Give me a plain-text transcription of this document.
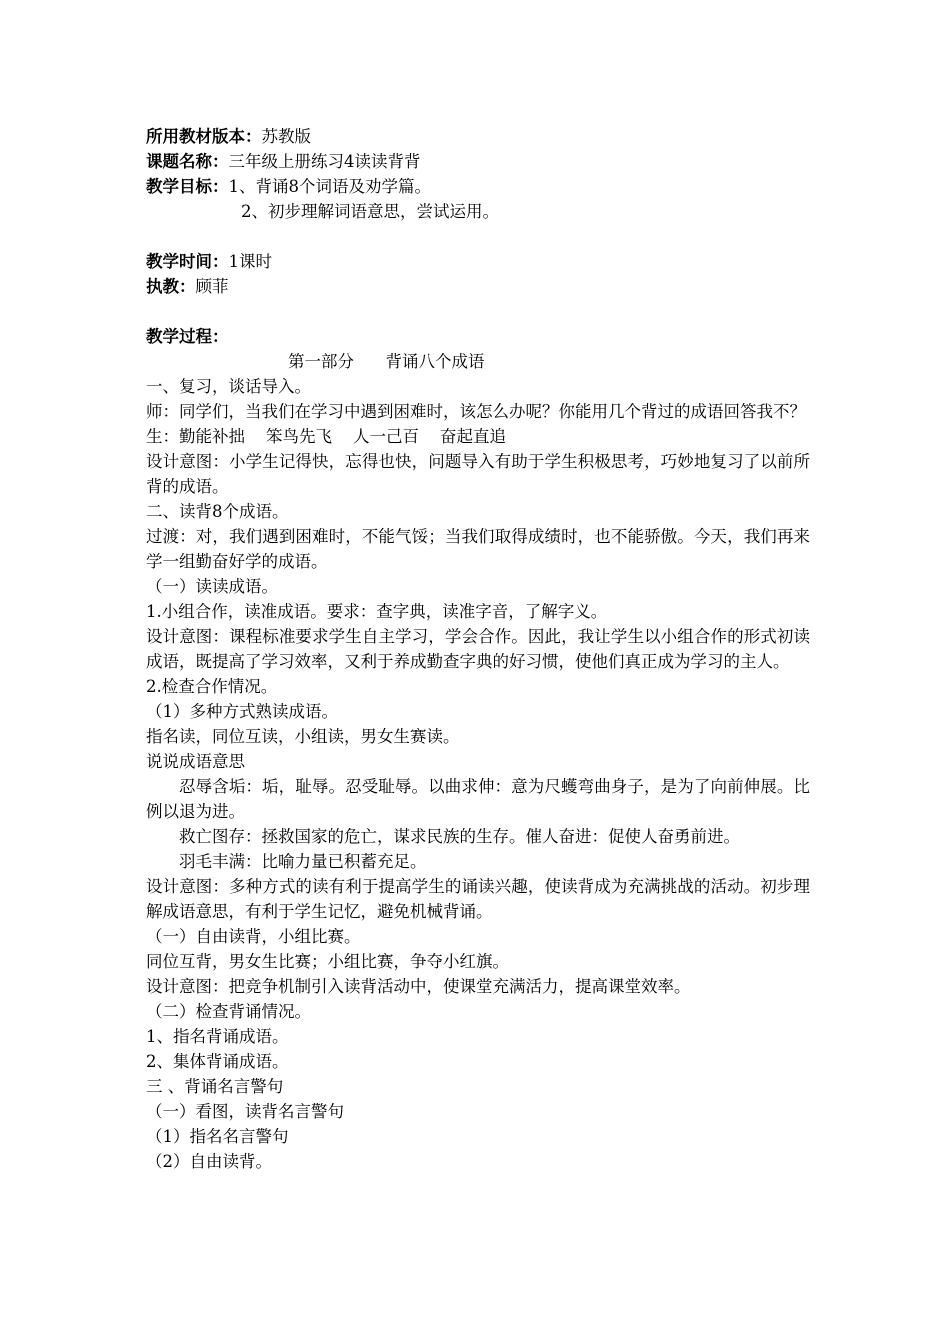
所用教材版本：苏教版
课题名称：三年级上册练习4读读背背
教学目标：1、背诵8个词语及劝学篇。
2、初步理解词语意思，尝试运用。
教学时间：1课时
执教：顾菲
教学过程：
第一部分      背诵八个成语
一、复习，谈话导入。
师：同学们，当我们在学习中遇到困难时，该怎么办呢？你能用几个背过的成语回答我不？
生：勤能补拙    笨鸟先飞    人一己百    奋起直追
设计意图：小学生记得快，忘得也快，问题导入有助于学生积极思考，巧妙地复习了以前所背的成语。
二、读背8个成语。
过渡：对，我们遇到困难时，不能气馁；当我们取得成绩时，也不能骄傲。今天，我们再来学一组勤奋好学的成语。
（一）读读成语。
1.小组合作，读准成语。要求：查字典，读准字音，了解字义。
设计意图：课程标准要求学生自主学习，学会合作。因此，我让学生以小组合作的形式初读成语，既提高了学习效率，又利于养成勤查字典的好习惯，使他们真正成为学习的主人。
2.检查合作情况。
（1）多种方式熟读成语。
指名读，同位互读，小组读，男女生赛读。
说说成语意思
忍辱含垢：垢，耻辱。忍受耻辱。以曲求伸：意为尺蠖弯曲身子，是为了向前伸展。比例以退为进。
救亡图存：拯救国家的危亡，谋求民族的生存。催人奋进：促使人奋勇前进。
羽毛丰满：比喻力量已积蓄充足。
设计意图：多种方式的读有利于提高学生的诵读兴趣，使读背成为充满挑战的活动。初步理解成语意思，有利于学生记忆，避免机械背诵。
（一）自由读背，小组比赛。
同位互背，男女生比赛；小组比赛，争夺小红旗。
设计意图：把竞争机制引入读背活动中，使课堂充满活力，提高课堂效率。
（二）检查背诵情况。
1、指名背诵成语。
2、集体背诵成语。
三 、背诵名言警句
（一）看图，读背名言警句
（1）指名名言警句
（2）自由读背。
